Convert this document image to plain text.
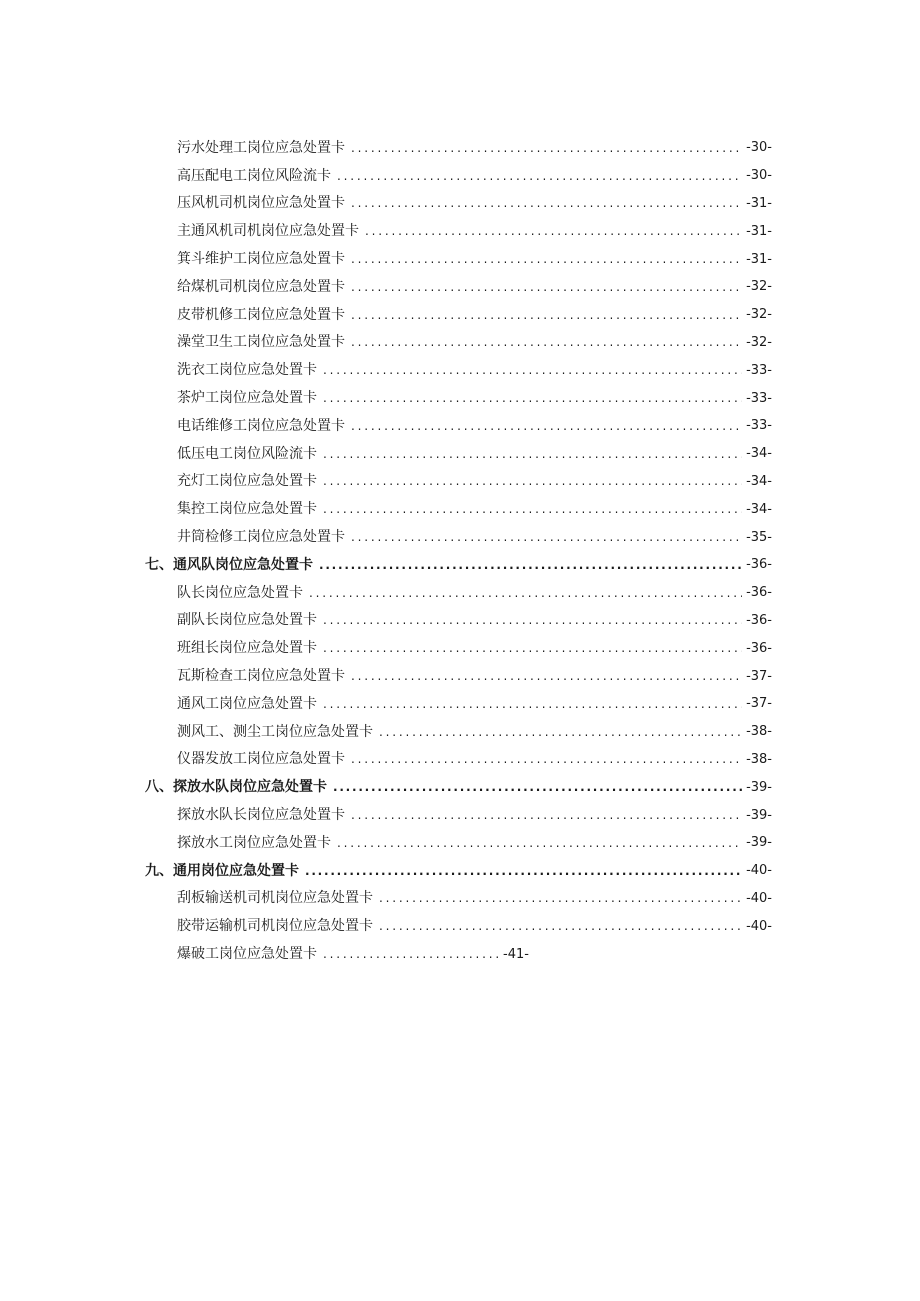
污水处理工岗位应急处置卡 . . .	-30-
高压配电工岗位风险流卡 . . .	-30-
压风机司机岗位应急处置卡 . . .	-31-
主通风机司机岗位应急处置卡 . . .	-31-
箕斗维护工岗位应急处置卡 . . .	-31-
给煤机司机岗位应急处置卡 . . .	-32-
皮带机修工岗位应急处置卡 . . .	-32-
澡堂卫生工岗位应急处置卡 . . .	-32-
洗衣工岗位应急处置卡 . . .	-33-
茶炉工岗位应急处置卡 . . .	-33-
电话维修工岗位应急处置卡 . . .	-33-
低压电工岗位风险流卡 . . .	-34-
充灯工岗位应急处置卡 . . .	-34-
集控工岗位应急处置卡 . . .	-34-
井筒检修工岗位应急处置卡 . . .	-35-
七、通风队岗位应急处置卡 . . .	-36-
队长岗位应急处置卡 . . .	-36-
副队长岗位应急处置卡 . . .	-36-
班组长岗位应急处置卡 . . .	-36-
瓦斯检查工岗位应急处置卡 . . .	-37-
通风工岗位应急处置卡 . . .	-37-
测风工、测尘工岗位应急处置卡 . . .	-38-
仪器发放工岗位应急处置卡 . . .	-38-
八、探放水队岗位应急处置卡 . . .	-39-
探放水队长岗位应急处置卡 . . .	-39-
探放水工岗位应急处置卡 . . .	-39-
九、通用岗位应急处置卡 . . .	-40-
刮板输送机司机岗位应急处置卡 . . .	-40-
胶带运输机司机岗位应急处置卡 . . .	-40-
爆破工岗位应急处置卡 . . .	-41-
